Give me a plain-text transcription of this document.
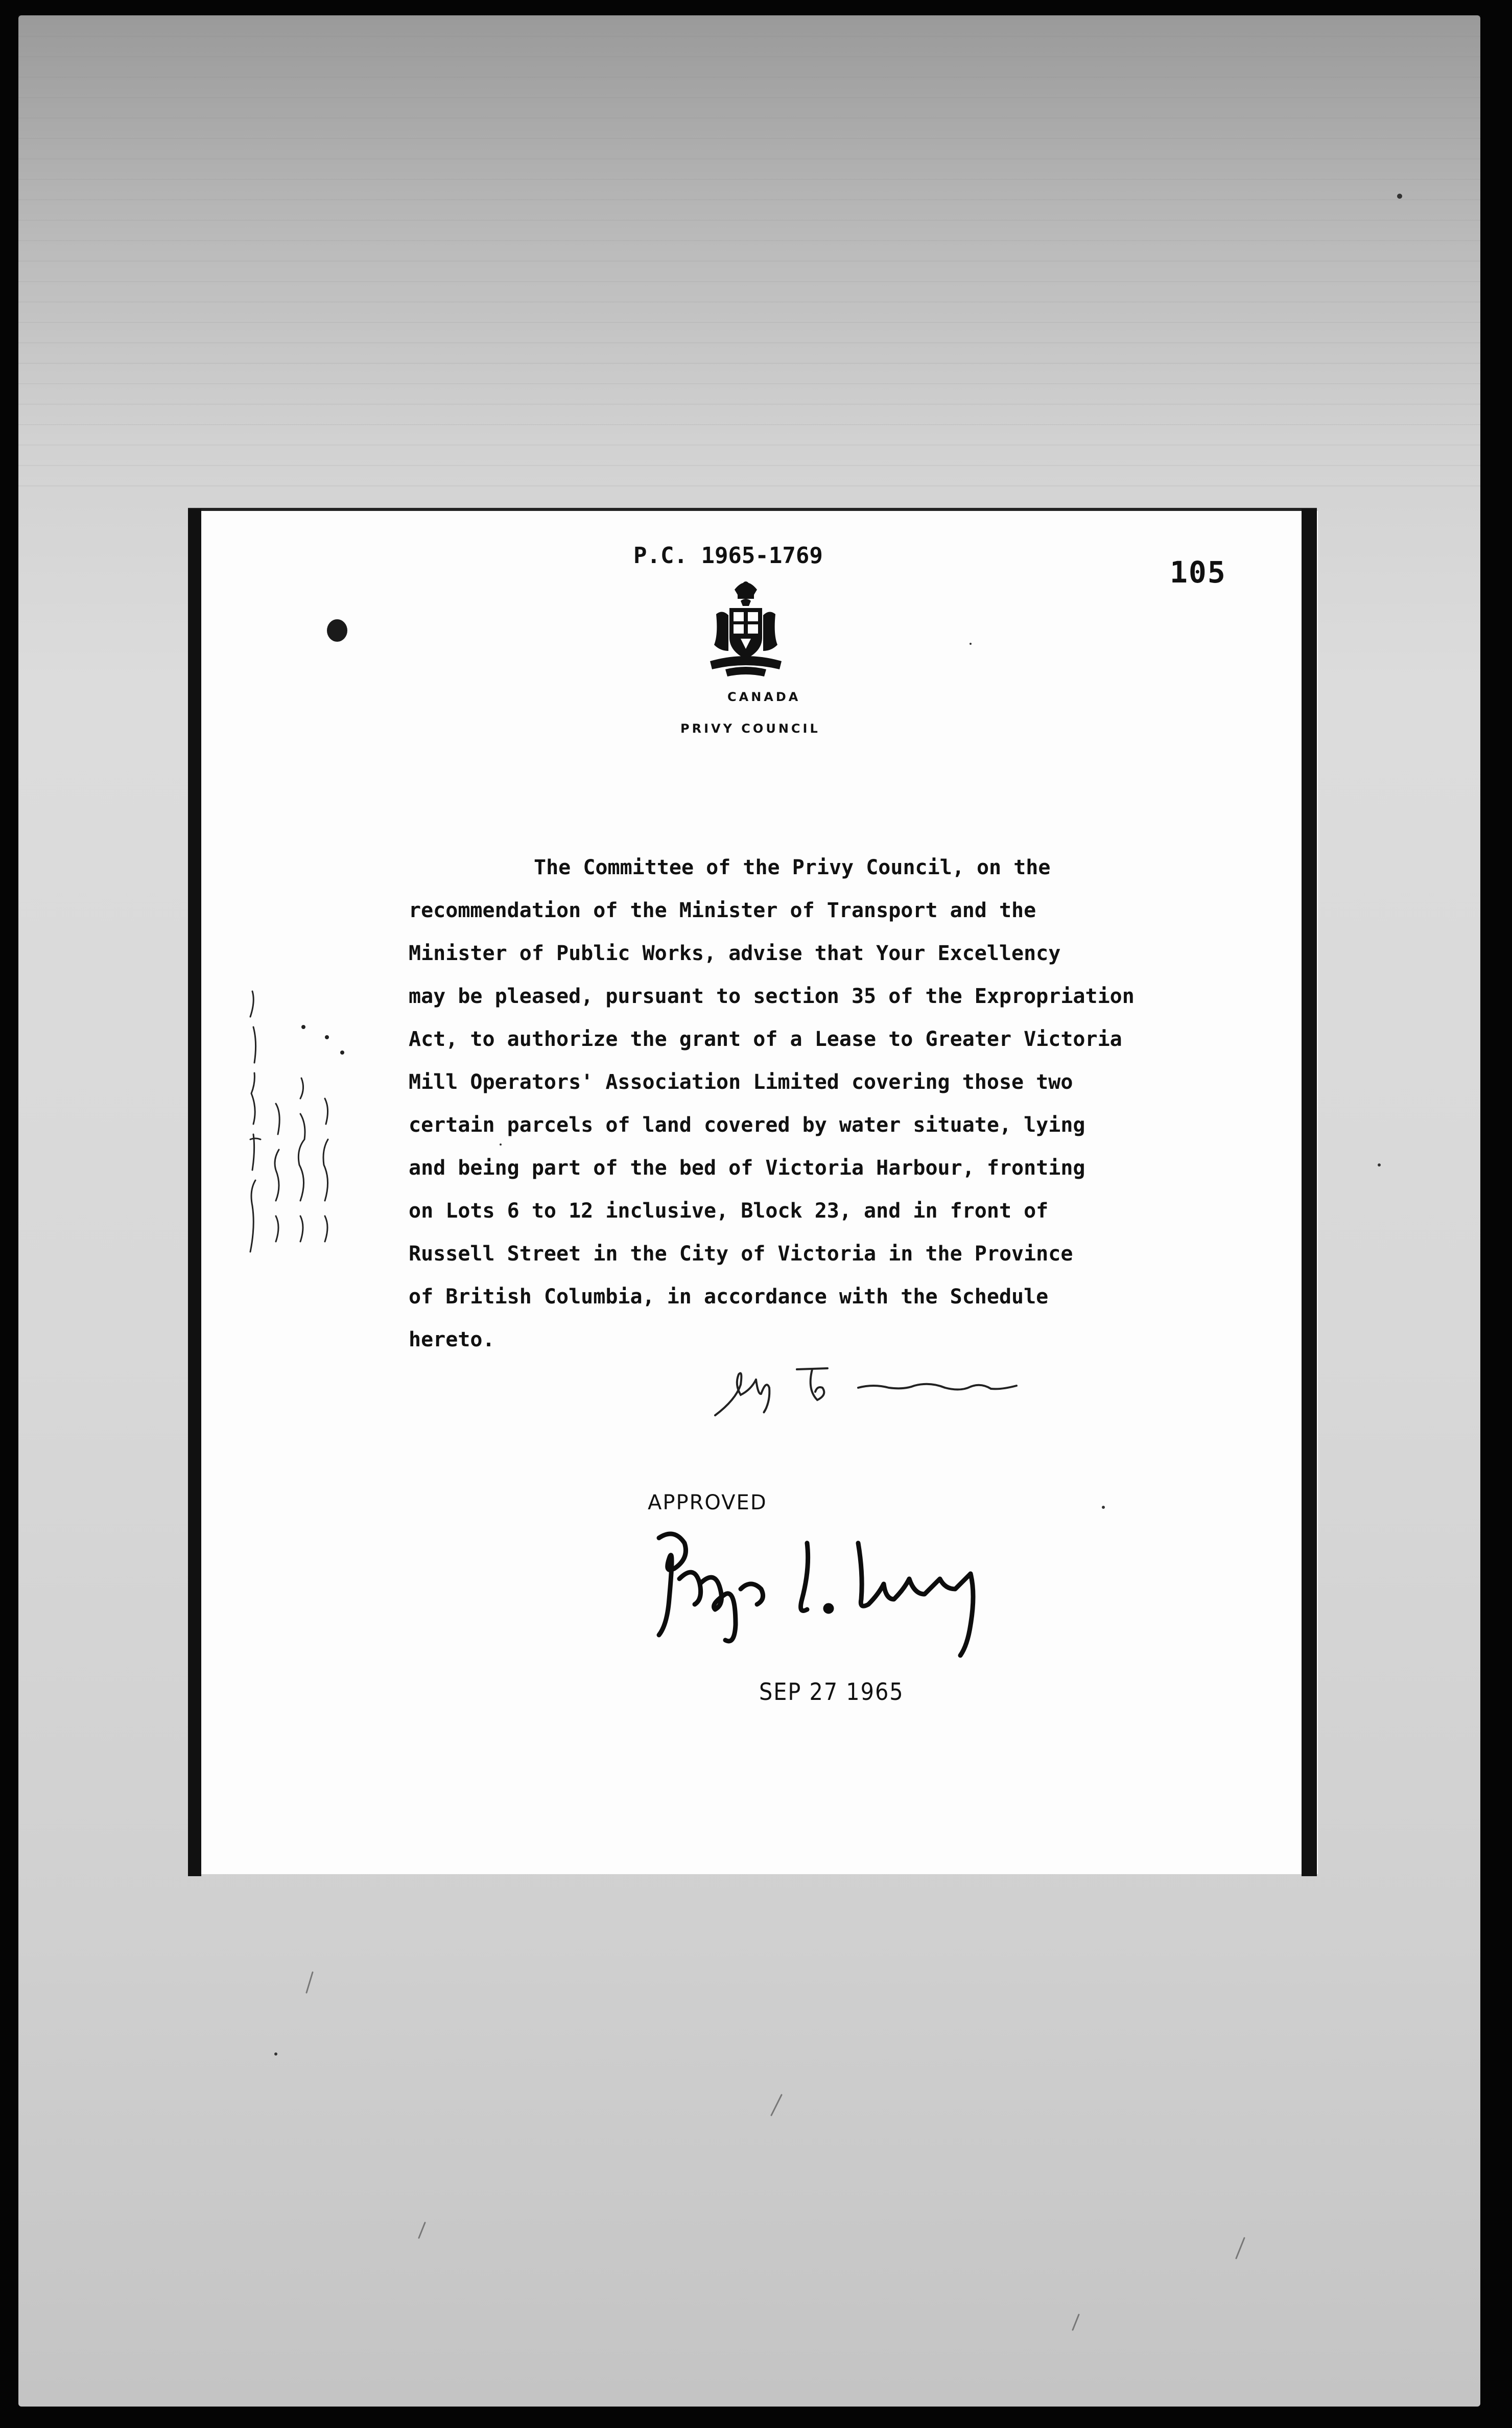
P.C. 1965-1769	105
CANADA
PRIVY COUNCIL
The Committee of the Privy Council, on the
recommendation of the Minister of Transport and the
Minister of Public Works, advise that Your Excellency
may be pleased, pursuant to section 35 of the Expropriation
Act, to authorize the grant of a Lease to Greater Victoria
Mill Operators' Association Limited covering those two
certain parcels of land covered by water situate, lying
and being part of the bed of Victoria Harbour, fronting
on Lots 6 to 12 inclusive, Block 23, and in front of
Russell Street in the City of Victoria in the Province
of British Columbia, in accordance with the Schedule
hereto.
APPROVED
SEP 27 1965
